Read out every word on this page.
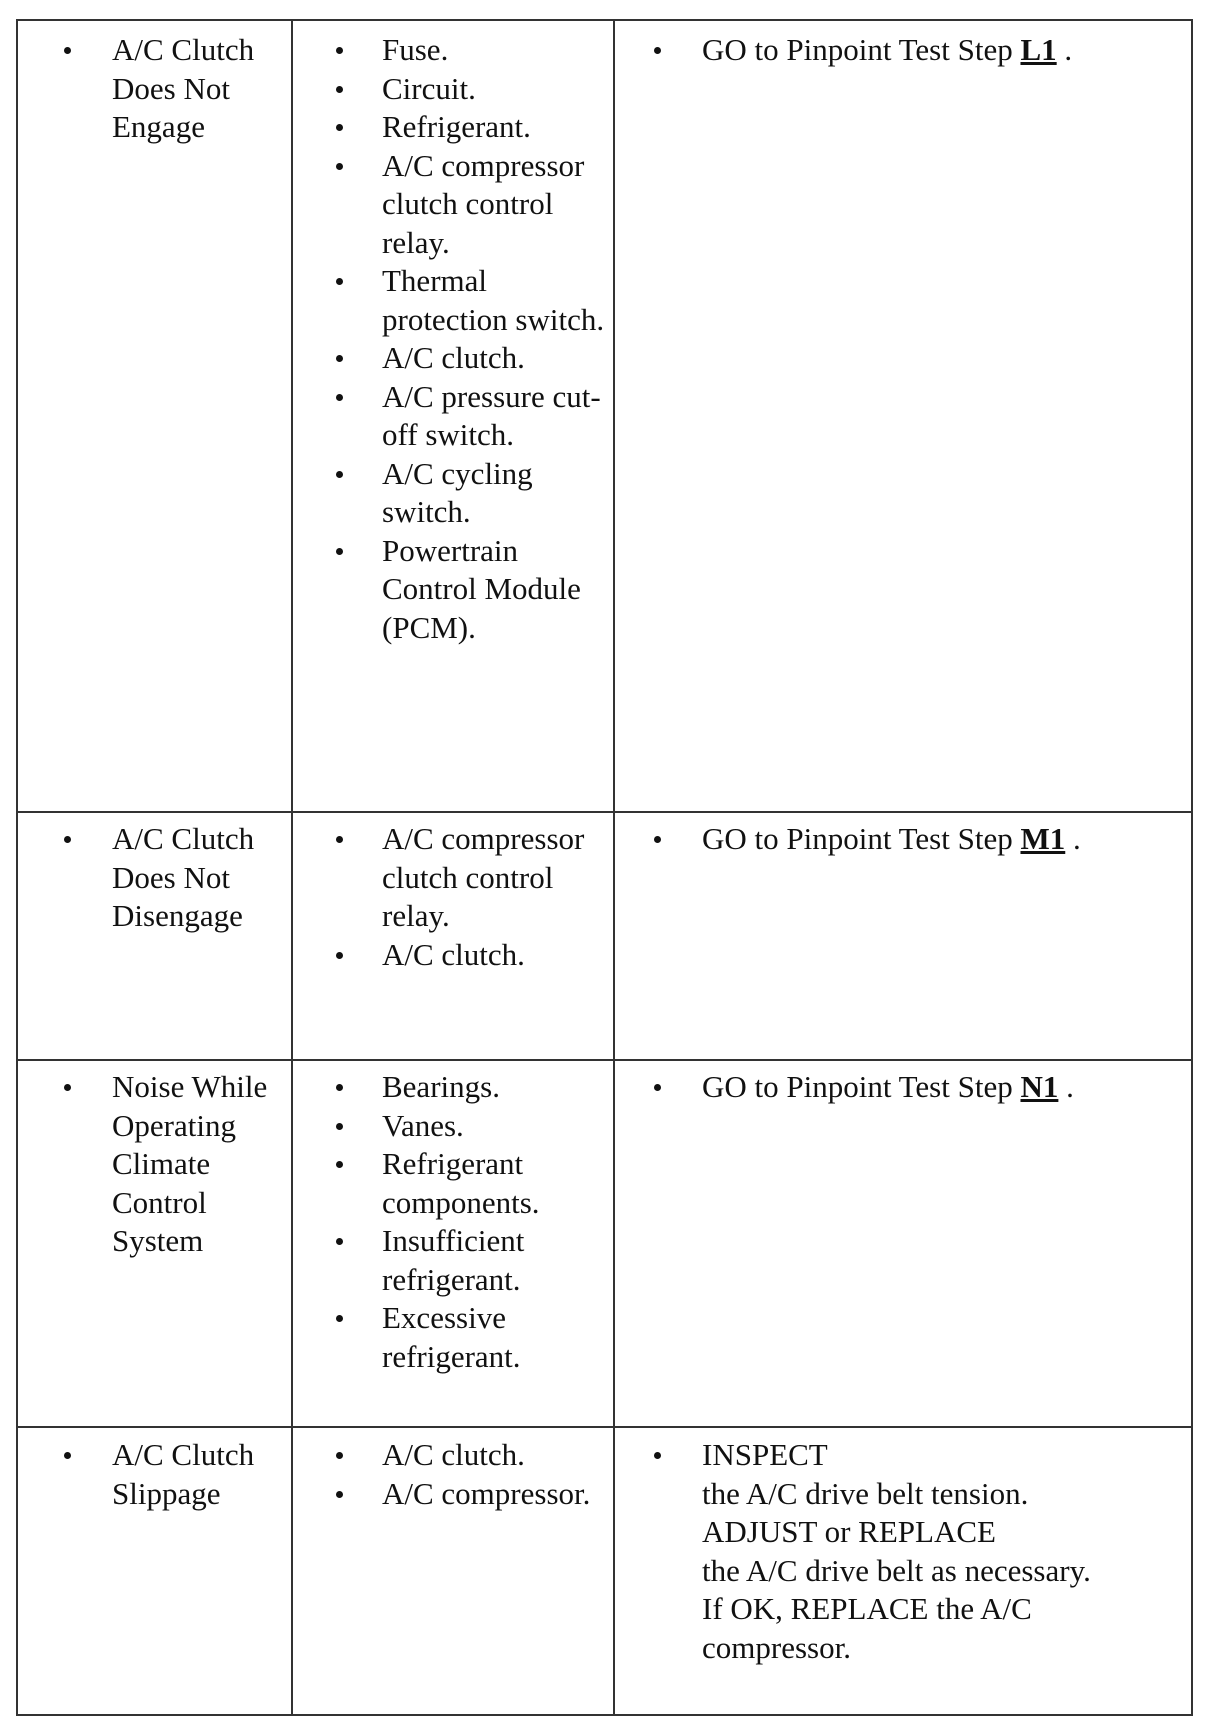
A/C Clutch Does Not Engage
Fuse.
Circuit.
Refrigerant.
A/C compressor clutch control relay.
Thermal protection switch.
A/C clutch.
A/C pressure cut-off switch.
A/C cycling switch.
Powertrain Control Module (PCM).
GO to Pinpoint Test Step L1 .
A/C Clutch Does Not Disengage
A/C compressor clutch control relay.
A/C clutch.
GO to Pinpoint Test Step M1 .
Noise While Operating Climate Control System
Bearings.
Vanes.
Refrigerant components.
Insufficient refrigerant.
Excessive refrigerant.
GO to Pinpoint Test Step N1 .
A/C Clutch Slippage
A/C clutch.
A/C compressor.
INSPECT
the A/C drive belt tension.
ADJUST or REPLACE
the A/C drive belt as necessary.
If OK, REPLACE the A/C
compressor.
